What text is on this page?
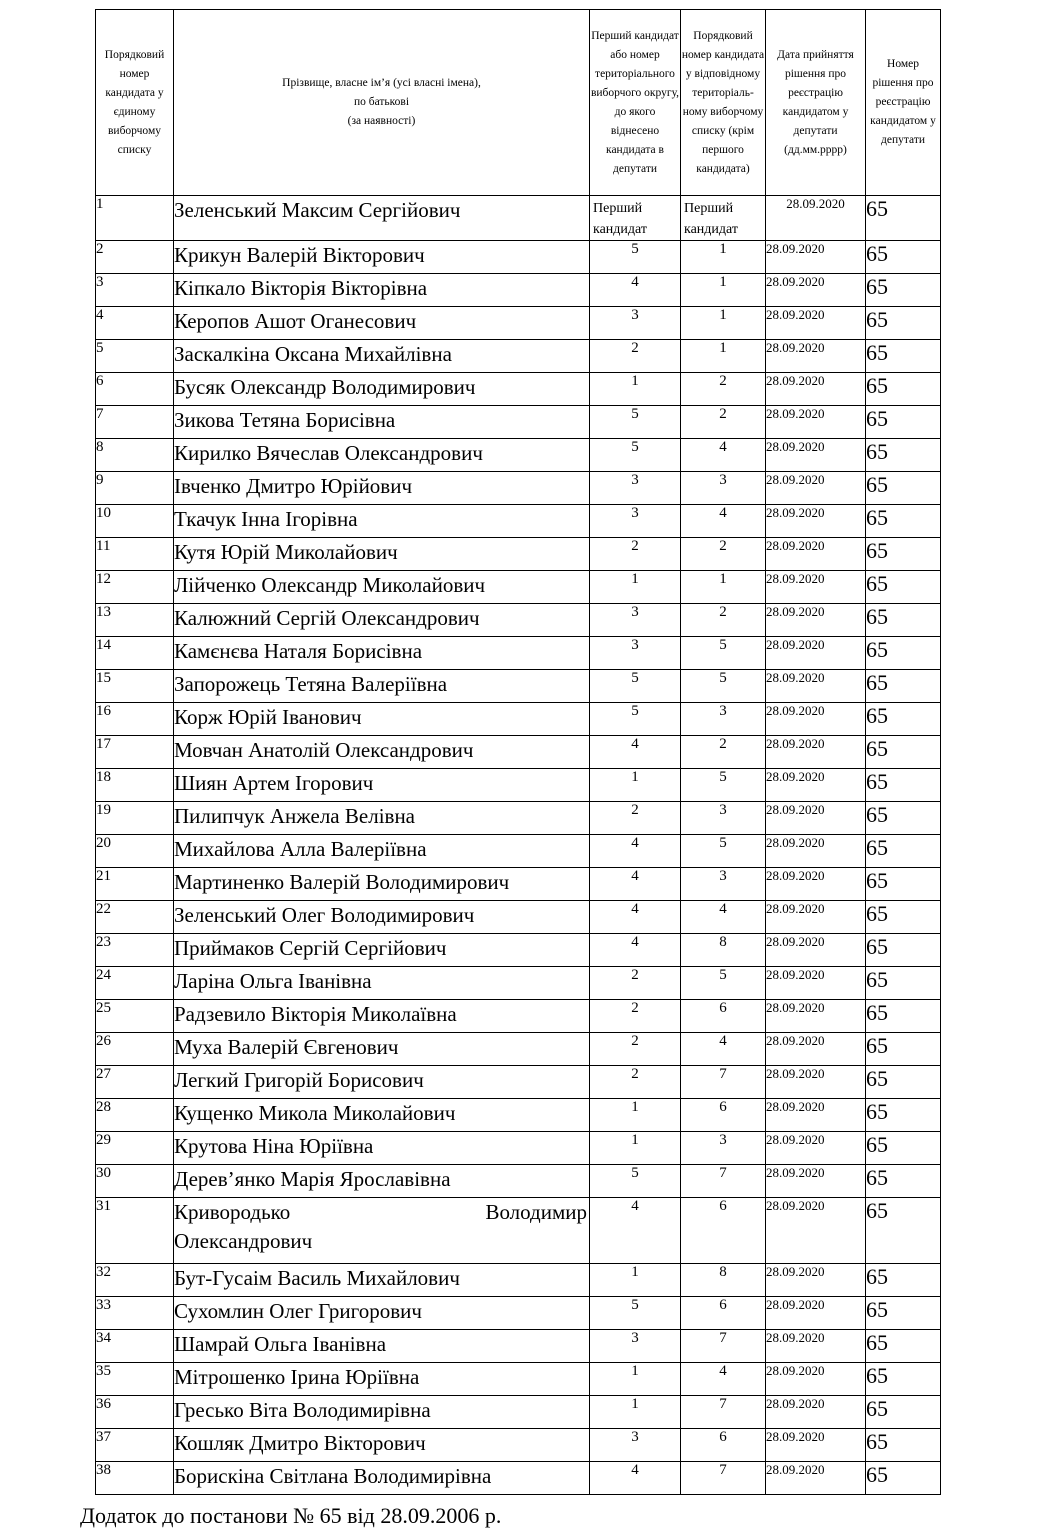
Порядковий номер кандидата у єдиному виборчому списку	Прізвище, власне ім’я (усі власні імена),
по батькові
(за наявності)	Перший кандидат або номер територіального виборчого округу, до якого віднесено кандидата в депутати	Порядковий номер кандидата у відповідному територіаль-ному виборчому списку (крім першого кандидата)	Дата прийняття рішення про реєстрацію кандидатом у депутати (дд.мм.рррр)	Номер рішення про реєстрацію кандидатом у депутати
1	Зеленський Максим Сергійович	Перший кандидат	Перший кандидат	28.09.2020	65
2	Крикун Валерій Вікторович	5	1	28.09.2020	65
3	Кіпкало Вікторія Вікторівна	4	1	28.09.2020	65
4	Керопов Ашот Оганесович	3	1	28.09.2020	65
5	Заскалкіна Оксана Михайлівна	2	1	28.09.2020	65
6	Бусяк Олександр Володимирович	1	2	28.09.2020	65
7	Зикова Тетяна Борисівна	5	2	28.09.2020	65
8	Кирилко Вячеслав Олександрович	5	4	28.09.2020	65
9	Івченко Дмитро Юрійович	3	3	28.09.2020	65
10	Ткачук Інна Ігорівна	3	4	28.09.2020	65
11	Кутя Юрій Миколайович	2	2	28.09.2020	65
12	Лійченко Олександр Миколайович	1	1	28.09.2020	65
13	Калюжний Сергій Олександрович	3	2	28.09.2020	65
14	Камєнєва Наталя Борисівна	3	5	28.09.2020	65
15	Запорожець Тетяна Валеріївна	5	5	28.09.2020	65
16	Корж Юрій Іванович	5	3	28.09.2020	65
17	Мовчан Анатолій Олександрович	4	2	28.09.2020	65
18	Шиян Артем Ігорович	1	5	28.09.2020	65
19	Пилипчук Анжела Велівна	2	3	28.09.2020	65
20	Михайлова Алла Валеріївна	4	5	28.09.2020	65
21	Мартиненко Валерій Володимирович	4	3	28.09.2020	65
22	Зеленський Олег Володимирович	4	4	28.09.2020	65
23	Приймаков Сергій Сергійович	4	8	28.09.2020	65
24	Ларіна Ольга Іванівна	2	5	28.09.2020	65
25	Радзевило Вікторія Миколаївна	2	6	28.09.2020	65
26	Муха Валерій Євгенович	2	4	28.09.2020	65
27	Легкий Григорій Борисович	2	7	28.09.2020	65
28	Кущенко Микола Миколайович	1	6	28.09.2020	65
29	Крутова Ніна Юріївна	1	3	28.09.2020	65
30	Дерев’янко Марія Ярославівна	5	7	28.09.2020	65
31	Кривородько Володимир
Олександрович	4	6	28.09.2020	65
32	Бут-Гусаім Василь Михайлович	1	8	28.09.2020	65
33	Сухомлин Олег Григорович	5	6	28.09.2020	65
34	Шамрай Ольга Іванівна	3	7	28.09.2020	65
35	Мітрошенко Ірина Юріївна	1	4	28.09.2020	65
36	Гресько Віта Володимирівна	1	7	28.09.2020	65
37	Кошляк Дмитро Вікторович	3	6	28.09.2020	65
38	Борискіна Світлана Володимирівна	4	7	28.09.2020	65
Додаток до постанови № 65 від 28.09.2006 р.
